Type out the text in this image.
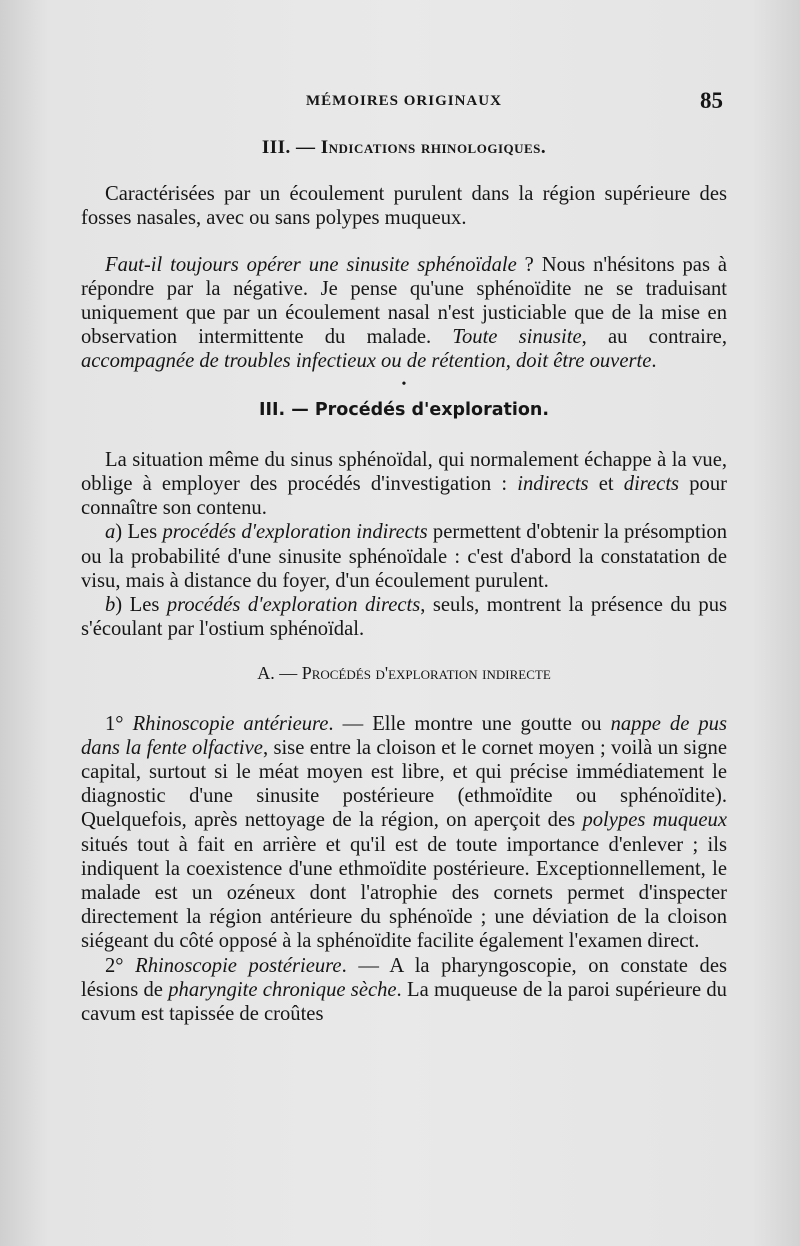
MÉMOIRES ORIGINAUX	85

III. — Indications rhinologiques.

Caractérisées par un écoulement purulent dans la région supérieure des fosses nasales, avec ou sans polypes muqueux.

Faut-il toujours opérer une sinusite sphénoïdale ? Nous n'hésitons pas à répondre par la négative. Je pense qu'une sphénoïdite ne se traduisant uniquement que par un écoulement nasal n'est justiciable que de la mise en observation intermittente du malade. Toute sinusite, au contraire, accompagnée de troubles infectieux ou de rétention, doit être ouverte.

•

III. — Procédés d'exploration.

La situation même du sinus sphénoïdal, qui normalement échappe à la vue, oblige à employer des procédés d'investigation : indirects et directs pour connaître son contenu.

a) Les procédés d'exploration indirects permettent d'obtenir la présomption ou la probabilité d'une sinusite sphénoïdale : c'est d'abord la constatation de visu, mais à distance du foyer, d'un écoulement purulent.

b) Les procédés d'exploration directs, seuls, montrent la présence du pus s'écoulant par l'ostium sphénoïdal.

A. — Procédés d'exploration indirecte

1° Rhinoscopie antérieure. — Elle montre une goutte ou nappe de pus dans la fente olfactive, sise entre la cloison et le cornet moyen ; voilà un signe capital, surtout si le méat moyen est libre, et qui précise immédiatement le diagnostic d'une sinusite postérieure (ethmoïdite ou sphénoïdite). Quelquefois, après nettoyage de la région, on aperçoit des polypes muqueux situés tout à fait en arrière et qu'il est de toute importance d'enlever ; ils indiquent la coexistence d'une ethmoïdite postérieure. Exceptionnellement, le malade est un ozéneux dont l'atrophie des cornets permet d'inspecter directement la région antérieure du sphénoïde ; une déviation de la cloison siégeant du côté opposé à la sphénoïdite facilite également l'examen direct.

2° Rhinoscopie postérieure. — A la pharyngoscopie, on constate des lésions de pharyngite chronique sèche. La muqueuse de la paroi supérieure du cavum est tapissée de croûtes
